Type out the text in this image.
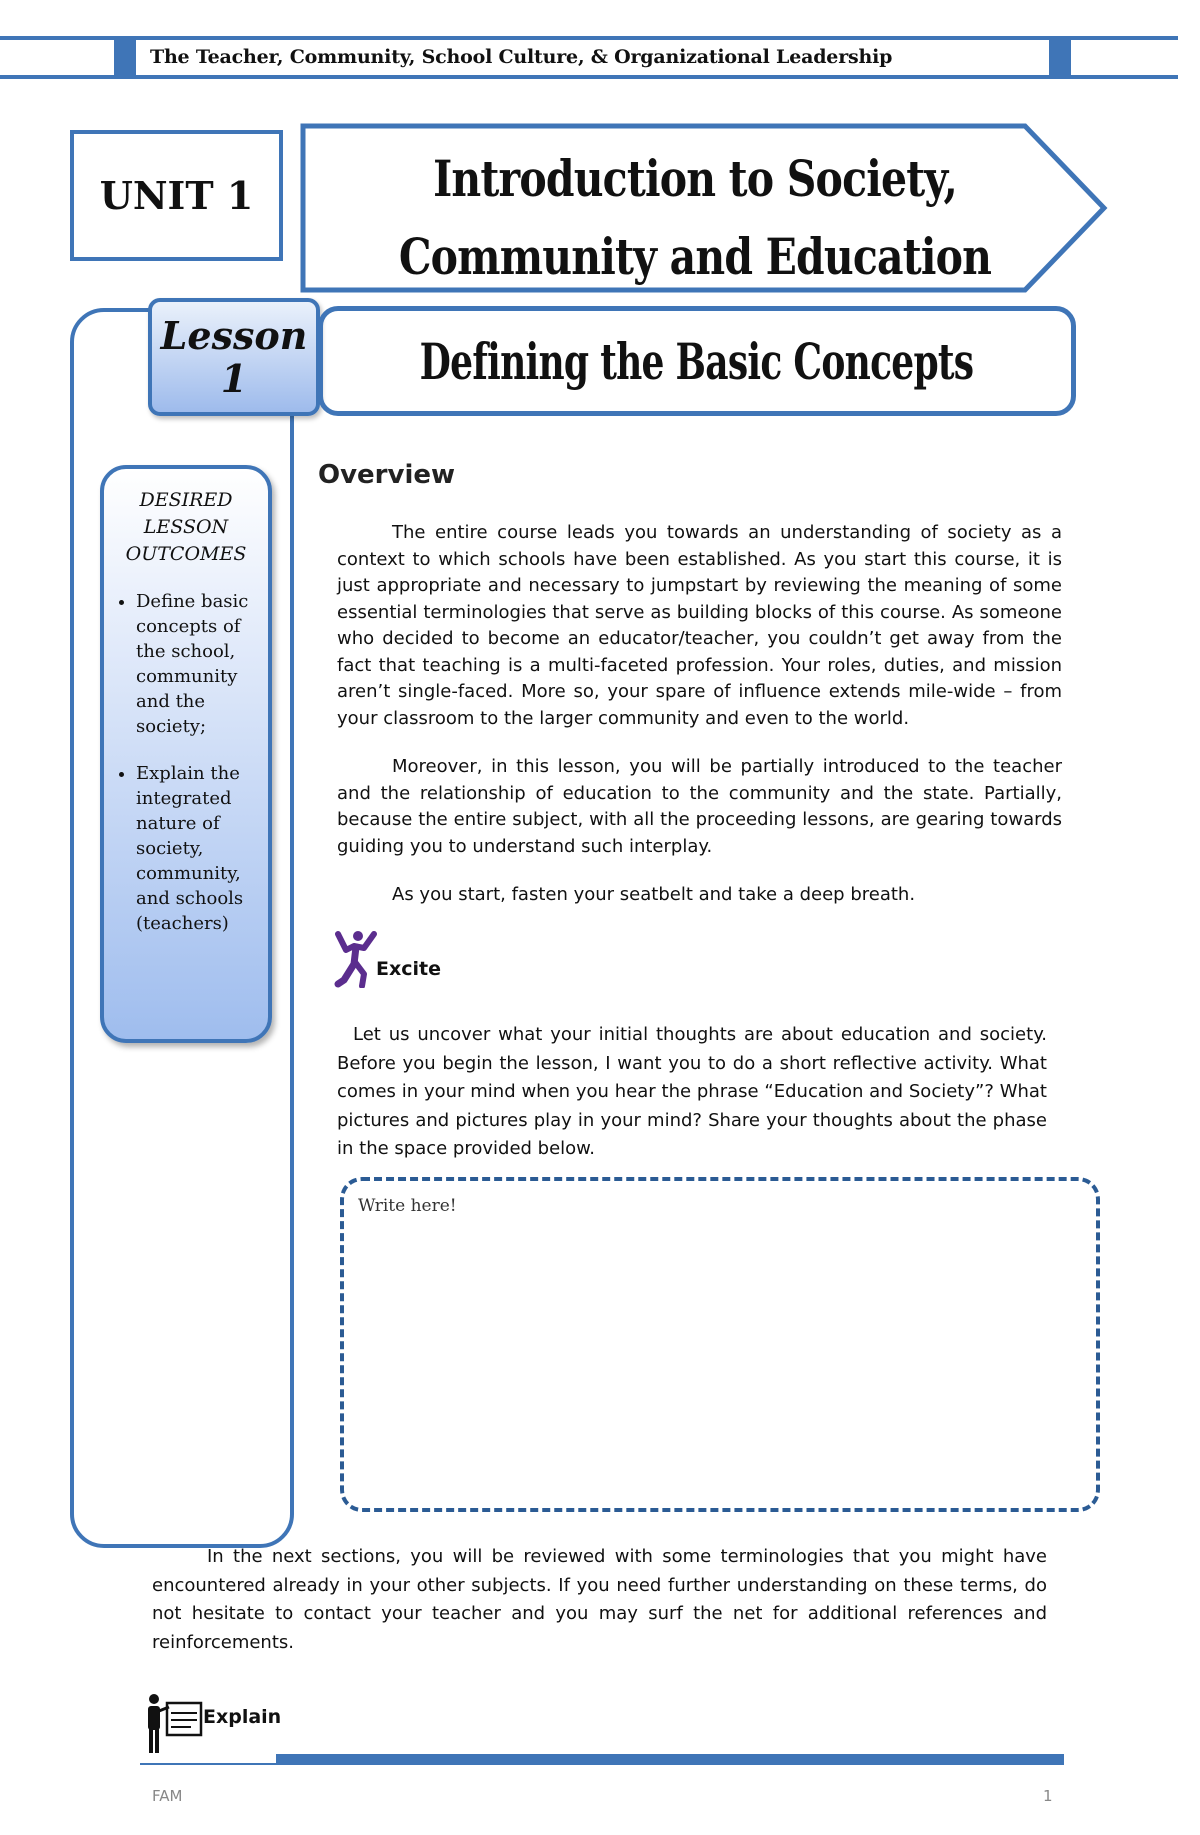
The Teacher, Community, School Culture, & Organizational Leadership
UNIT 1	Introduction to Society,
Community and Education
Lesson
1	Defining the Basic Concepts
DESIRED
LESSON
OUTCOMES
• Define basic concepts of the school, community and the society;
• Explain the integrated nature of society, community, and schools (teachers)
Overview
The entire course leads you towards an understanding of society as a context to which schools have been established. As you start this course, it is just appropriate and necessary to jumpstart by reviewing the meaning of some essential terminologies that serve as building blocks of this course. As someone who decided to become an educator/teacher, you couldn’t get away from the fact that teaching is a multi-faceted profession. Your roles, duties, and mission aren’t single-faced. More so, your spare of influence extends mile-wide – from your classroom to the larger community and even to the world.
Moreover, in this lesson, you will be partially introduced to the teacher and the relationship of education to the community and the state. Partially, because the entire subject, with all the proceeding lessons, are gearing towards guiding you to understand such interplay.
As you start, fasten your seatbelt and take a deep breath.
Excite
Let us uncover what your initial thoughts are about education and society. Before you begin the lesson, I want you to do a short reflective activity. What comes in your mind when you hear the phrase “Education and Society”? What pictures and pictures play in your mind? Share your thoughts about the phase in the space provided below.
Write here!
In the next sections, you will be reviewed with some terminologies that you might have encountered already in your other subjects. If you need further understanding on these terms, do not hesitate to contact your teacher and you may surf the net for additional references and reinforcements.
Explain
FAM	1
